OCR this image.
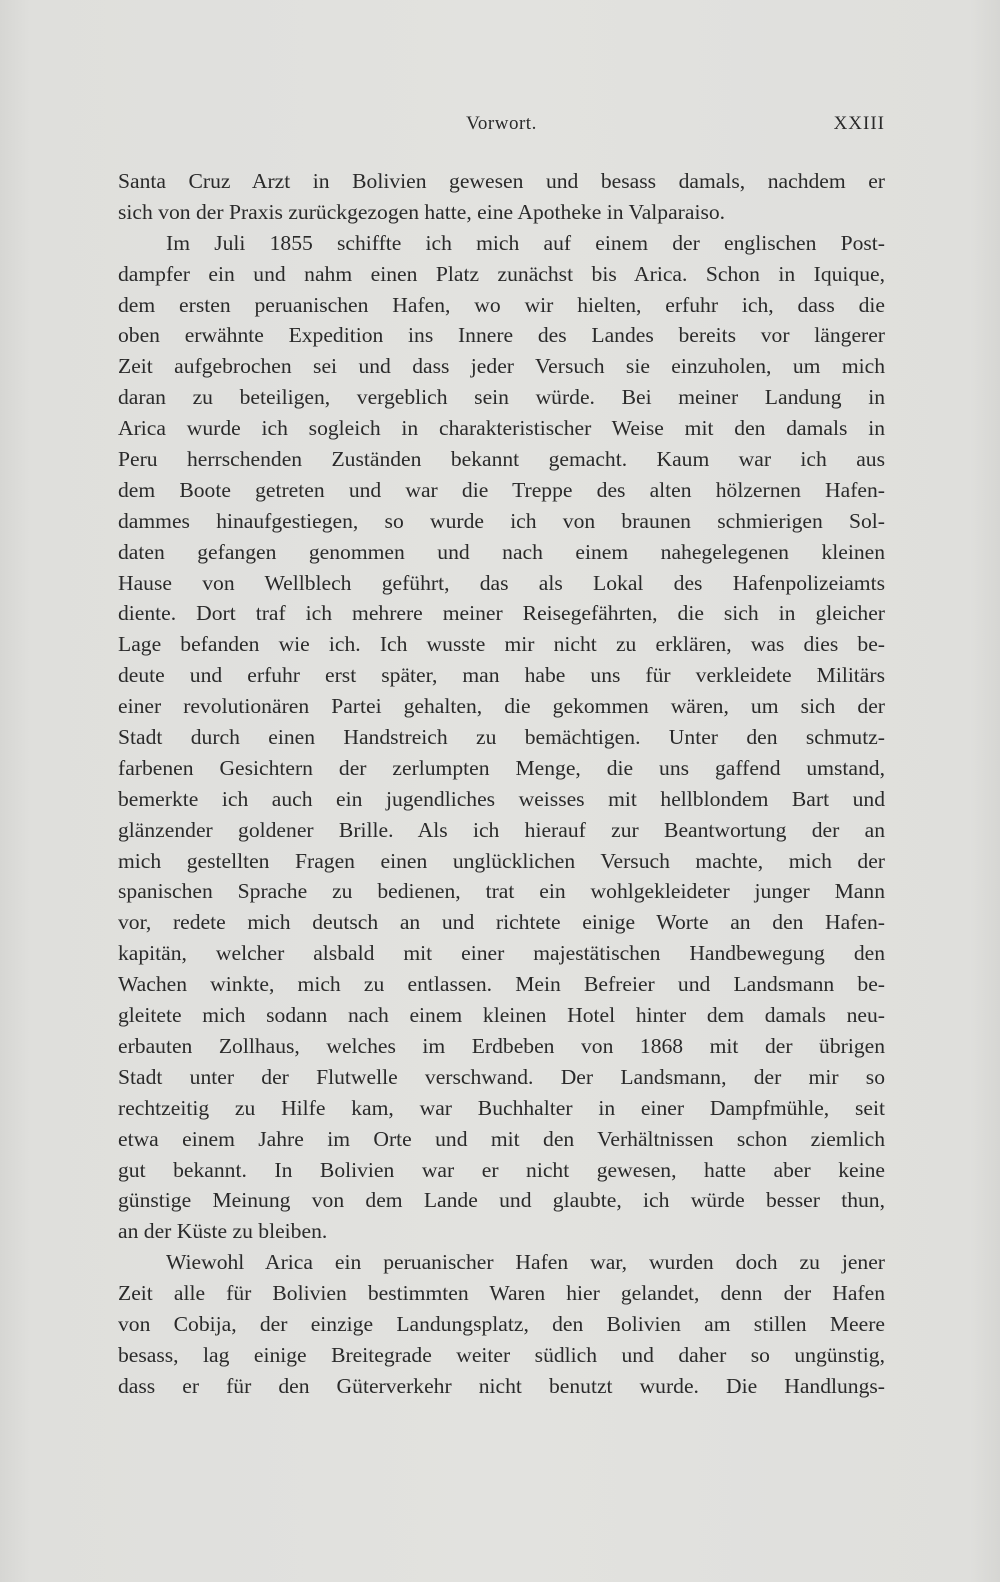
Vorwort.	XXIII
Santa Cruz Arzt in Bolivien gewesen und besass damals, nachdem er
sich von der Praxis zurückgezogen hatte, eine Apotheke in Valparaiso.
Im Juli 1855 schiffte ich mich auf einem der englischen Post-
dampfer ein und nahm einen Platz zunächst bis Arica. Schon in Iquique,
dem ersten peruanischen Hafen, wo wir hielten, erfuhr ich, dass die
oben erwähnte Expedition ins Innere des Landes bereits vor längerer
Zeit aufgebrochen sei und dass jeder Versuch sie einzuholen, um mich
daran zu beteiligen, vergeblich sein würde. Bei meiner Landung in
Arica wurde ich sogleich in charakteristischer Weise mit den damals in
Peru herrschenden Zuständen bekannt gemacht. Kaum war ich aus
dem Boote getreten und war die Treppe des alten hölzernen Hafen-
dammes hinaufgestiegen, so wurde ich von braunen schmierigen Sol-
daten gefangen genommen und nach einem nahegelegenen kleinen
Hause von Wellblech geführt, das als Lokal des Hafenpolizeiamts
diente. Dort traf ich mehrere meiner Reisegefährten, die sich in gleicher
Lage befanden wie ich. Ich wusste mir nicht zu erklären, was dies be-
deute und erfuhr erst später, man habe uns für verkleidete Militärs
einer revolutionären Partei gehalten, die gekommen wären, um sich der
Stadt durch einen Handstreich zu bemächtigen. Unter den schmutz-
farbenen Gesichtern der zerlumpten Menge, die uns gaffend umstand,
bemerkte ich auch ein jugendliches weisses mit hellblondem Bart und
glänzender goldener Brille. Als ich hierauf zur Beantwortung der an
mich gestellten Fragen einen unglücklichen Versuch machte, mich der
spanischen Sprache zu bedienen, trat ein wohlgekleideter junger Mann
vor, redete mich deutsch an und richtete einige Worte an den Hafen-
kapitän, welcher alsbald mit einer majestätischen Handbewegung den
Wachen winkte, mich zu entlassen. Mein Befreier und Landsmann be-
gleitete mich sodann nach einem kleinen Hotel hinter dem damals neu-
erbauten Zollhaus, welches im Erdbeben von 1868 mit der übrigen
Stadt unter der Flutwelle verschwand. Der Landsmann, der mir so
rechtzeitig zu Hilfe kam, war Buchhalter in einer Dampfmühle, seit
etwa einem Jahre im Orte und mit den Verhältnissen schon ziemlich
gut bekannt. In Bolivien war er nicht gewesen, hatte aber keine
günstige Meinung von dem Lande und glaubte, ich würde besser thun,
an der Küste zu bleiben.
Wiewohl Arica ein peruanischer Hafen war, wurden doch zu jener
Zeit alle für Bolivien bestimmten Waren hier gelandet, denn der Hafen
von Cobija, der einzige Landungsplatz, den Bolivien am stillen Meere
besass, lag einige Breitegrade weiter südlich und daher so ungünstig,
dass er für den Güterverkehr nicht benutzt wurde. Die Handlungs-
